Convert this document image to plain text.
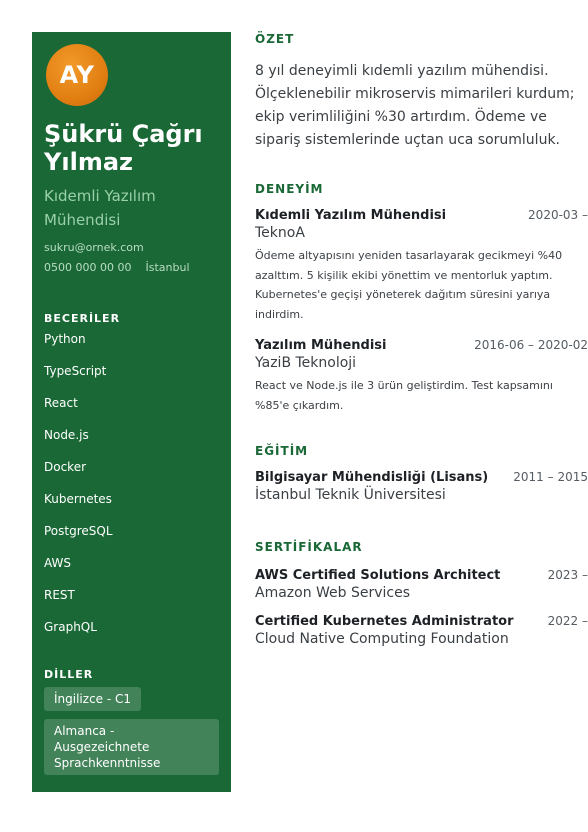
AY
Şükrü Çağrı Yılmaz
Kıdemli Yazılım Mühendisi
sukru@ornek.com
0500 000 00 00 İstanbul
BECERİLER
Python
TypeScript
React
Node.js
Docker
Kubernetes
PostgreSQL
AWS
REST
GraphQL
DİLLER
İngilizce - C1
Almanca - Ausgezeichnete Sprachkenntnisse
ÖZET

8 yıl deneyimli kıdemli yazılım mühendisi. Ölçeklenebilir mikroservis mimarileri kurdum; ekip verimliliğini %30 artırdım. Ödeme ve sipariş sistemlerinde uçtan uca sorumluluk.

DENEYİM
Kıdemli Yazılım Mühendisi	2020-03 –
TeknoA

Ödeme altyapısını yeniden tasarlayarak gecikmeyi %40 azalttım. 5 kişilik ekibi yönettim ve mentorluk yaptım. Kubernetes'e geçişi yöneterek dağıtım süresini yarıya indirdim.

Yazılım Mühendisi	2016-06 – 2020-02
YaziB Teknoloji

React ve Node.js ile 3 ürün geliştirdim. Test kapsamını %85'e çıkardım.

EĞİTİM
Bilgisayar Mühendisliği (Lisans) 2011 – 2015
İstanbul Teknik Üniversitesi
SERTİFİKALAR
AWS Certified Solutions Architect	2023 –
Amazon Web Services
Certified Kubernetes Administrator	2022 –
Cloud Native Computing Foundation
